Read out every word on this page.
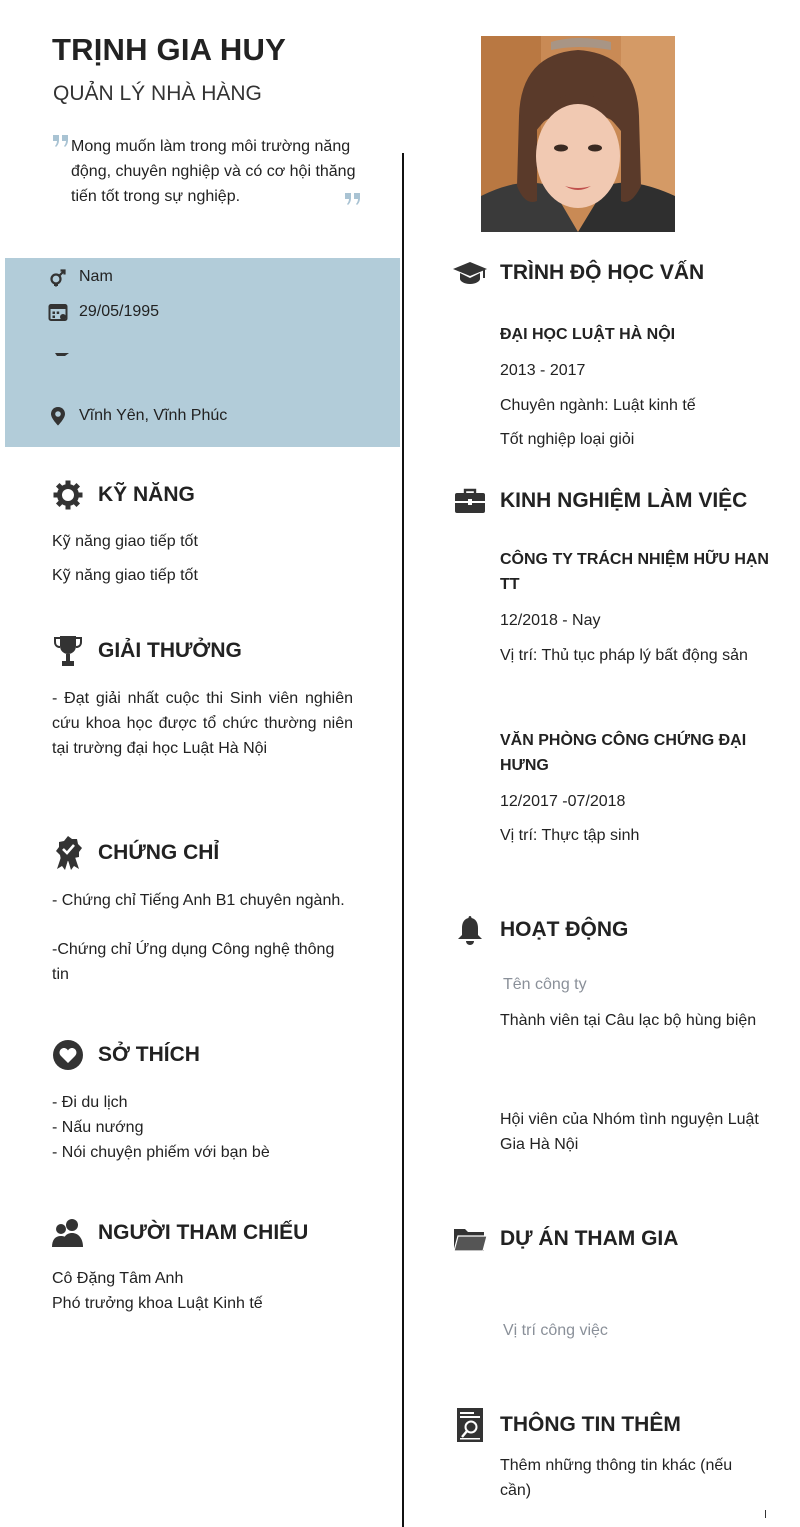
TRỊNH GIA HUY
QUẢN LÝ NHÀ HÀNG
Mong muốn làm trong môi trường năng động, chuyên nghiệp và có cơ hội thăng tiến tốt trong sự nghiệp.
Nam
29/05/1995
Vĩnh Yên, Vĩnh Phúc
KỸ NĂNG
Kỹ năng giao tiếp tốt
Kỹ năng giao tiếp tốt
GIẢI THƯỞNG
- Đạt giải nhất cuộc thi Sinh viên nghiên cứu khoa học được tổ chức thường niên tại trường đại học Luật Hà Nội
CHỨNG CHỈ
- Chứng chỉ Tiếng Anh B1 chuyên ngành.
-Chứng chỉ Ứng dụng Công nghệ thông tin
SỞ THÍCH
- Đi du lịch
- Nấu nướng
- Nói chuyện phiếm với bạn bè
NGƯỜI THAM CHIẾU
Cô Đặng Tâm Anh
Phó trưởng khoa Luật Kinh tế
TRÌNH ĐỘ HỌC VẤN
ĐẠI HỌC LUẬT HÀ NỘI
2013 - 2017
Chuyên ngành: Luật kinh tế
Tốt nghiệp loại giỏi
KINH NGHIỆM LÀM VIỆC
CÔNG TY TRÁCH NHIỆM HỮU HẠN TT
12/2018 - Nay
Vị trí: Thủ tục pháp lý bất động sản
VĂN PHÒNG CÔNG CHỨNG ĐẠI HƯNG
12/2017 -07/2018
Vị trí: Thực tập sinh
HOẠT ĐỘNG
Tên công ty
Thành viên tại Câu lạc bộ hùng biện
Hội viên của Nhóm tình nguyện Luật Gia Hà Nội
DỰ ÁN THAM GIA
Vị trí công việc
THÔNG TIN THÊM
Thêm những thông tin khác (nếu cần)
